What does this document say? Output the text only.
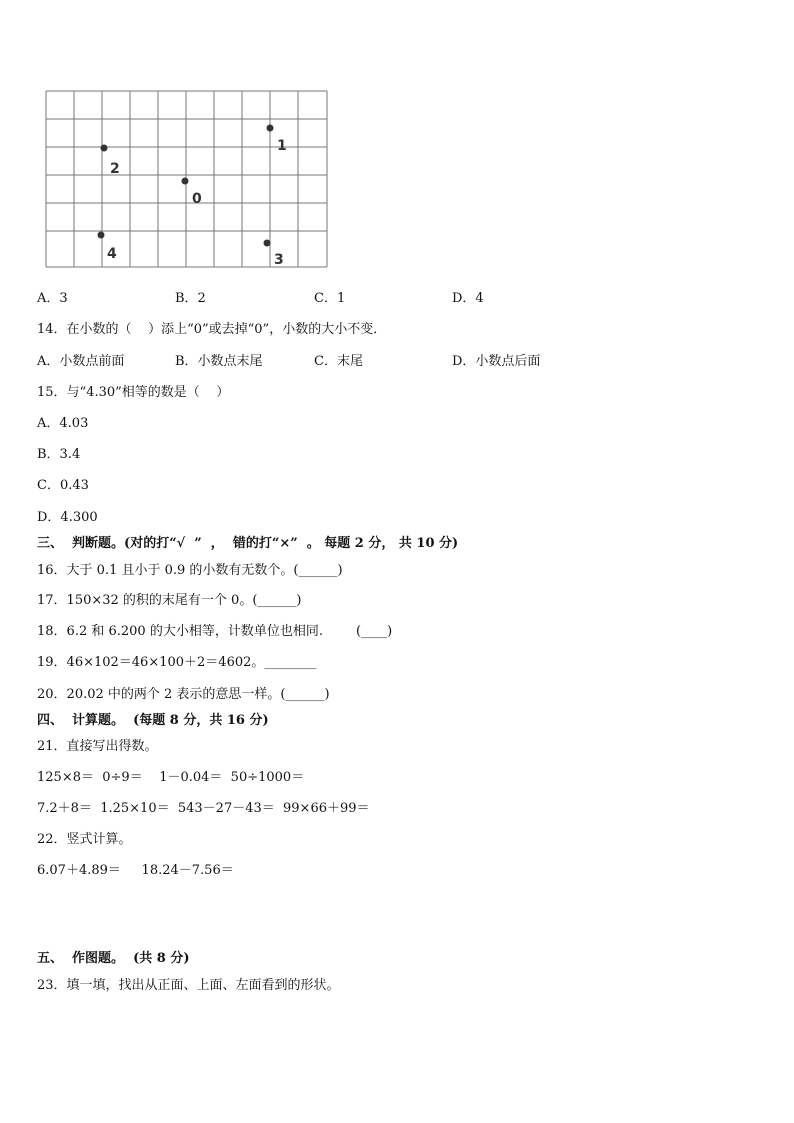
1
2
0
4	3
A．3	B．2	C．1	D．4
14．在小数的（    ）添上“0”或去掉“0”，小数的大小不变．
A．小数点前面	B．小数点末尾	C．末尾	D．小数点后面
15．与“4.30”相等的数是（    ）
A．4.03
B．3.4
C．0.43
D．4.300
三、  判断题。(对的打“√  ”  ，  错的打“×”  。 每题 2 分， 共 10 分)
16．大于 0.1 且小于 0.9 的小数有无数个。(______)
17．150×32 的积的末尾有一个 0。(______)
18．6.2 和 6.200 的大小相等，计数单位也相同.        (____)
19．46×102＝46×100＋2＝4602。________
20．20.02 中的两个 2 表示的意思一样。(______)
四、  计算题。  (每题 8 分，共 16 分)
21．直接写出得数。
125×8＝  0÷9＝    1－0.04＝  50÷1000＝
7.2＋8＝  1.25×10＝  543－27－43＝  99×66＋99＝
22．竖式计算。
6.07＋4.89＝     18.24－7.56＝
五、  作图题。  (共 8 分)
23．填一填，找出从正面、上面、左面看到的形状。
